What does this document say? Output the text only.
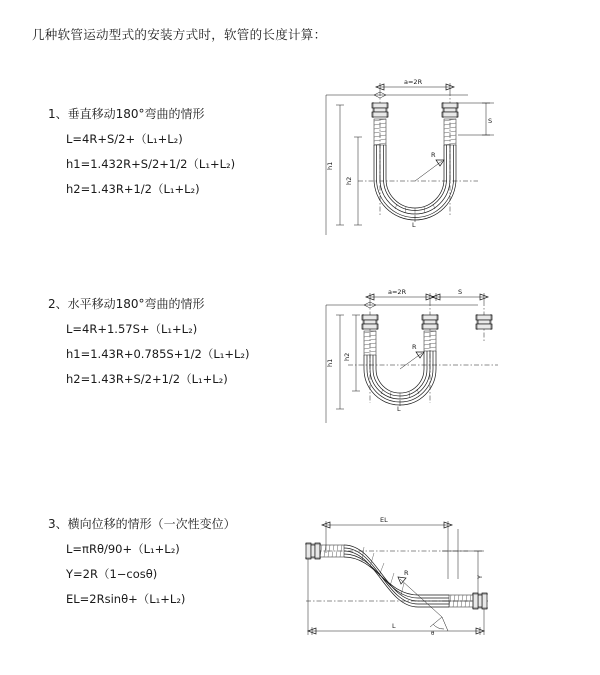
几种软管运动型式的安装方式时，软管的长度计算：
1、垂直移动180°弯曲的情形
L=4R+S/2+（L₁+L₂)
h1=1.432R+S/2+1/2（L₁+L₂)
h2=1.43R+1/2（L₁+L₂)
a=2R
S
h1
h2
R
L
2、水平移动180°弯曲的情形
L=4R+1.57S+（L₁+L₂)
h1=1.43R+0.785S+1/2（L₁+L₂)
h2=1.43R+S/2+1/2（L₁+L₂)
a=2R	S
h1
h2
R
L
3、横向位移的情形（一次性变位）
L=πRθ/90+（L₁+L₂)
Y=2R（1−cosθ)
EL=2Rsinθ+（L₁+L₂)
EL
Y
R
θ
L
